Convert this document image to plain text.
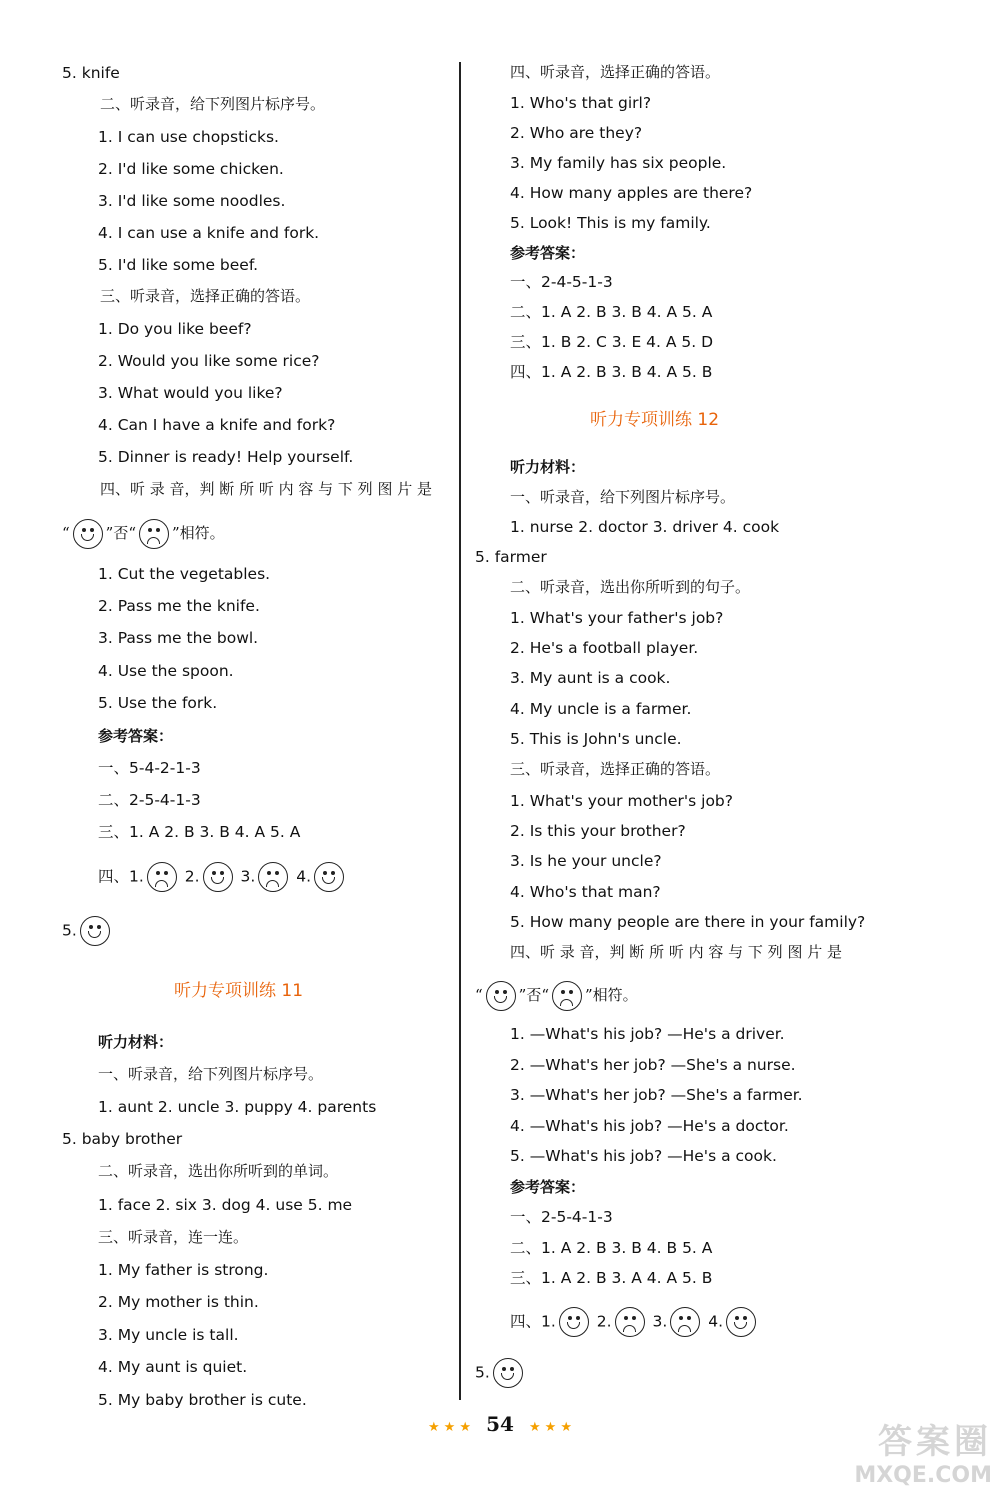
5. knife
二、听录音，给下列图片标序号。
1. I can use chopsticks.
2. I'd like some chicken.
3. I'd like some noodles.
4. I can use a knife and fork.
5. I'd like some beef.
三、听录音，选择正确的答语。
1. Do you like beef?
2. Would you like some rice?
3. What would you like?
4. Can I have a knife and fork?
5. Dinner is ready! Help yourself.
四、听 录 音，判 断 所 听 内 容 与 下 列 图 片 是
“ ”否“ ”相符。
1. Cut the vegetables.
2. Pass me the knife.
3. Pass me the bowl.
4. Use the spoon.
5. Use the fork.
参考答案：
一、5-4-2-1-3
二、2-5-4-1-3
三、1. A 2. B 3. B 4. A 5. A
四、1.	2.	3.	4.
5.
听力专项训练 11
听力材料：
一、听录音，给下列图片标序号。
1. aunt 2. uncle 3. puppy 4. parents
5. baby brother
二、听录音，选出你所听到的单词。
1. face 2. six 3. dog 4. use 5. me
三、听录音，连一连。
1. My father is strong.
2. My mother is thin.
3. My uncle is tall.
4. My aunt is quiet.
5. My baby brother is cute.
四、听录音，选择正确的答语。
1. Who's that girl?
2. Who are they?
3. My family has six people.
4. How many apples are there?
5. Look! This is my family.
参考答案：
一、2-4-5-1-3
二、1. A 2. B 3. B 4. A 5. A
三、1. B 2. C 3. E 4. A 5. D
四、1. A 2. B 3. B 4. A 5. B
听力专项训练 12
听力材料：
一、听录音，给下列图片标序号。
1. nurse 2. doctor 3. driver 4. cook
5. farmer
二、听录音，选出你所听到的句子。
1. What's your father's job?
2. He's a football player.
3. My aunt is a cook.
4. My uncle is a farmer.
5. This is John's uncle.
三、听录音，选择正确的答语。
1. What's your mother's job?
2. Is this your brother?
3. Is he your uncle?
4. Who's that man?
5. How many people are there in your family?
四、听 录 音，判 断 所 听 内 容 与 下 列 图 片 是
“ ”否“ ”相符。
1. —What's his job? —He's a driver.
2. —What's her job? —She's a nurse.
3. —What's her job? —She's a farmer.
4. —What's his job? —He's a doctor.
5. —What's his job? —He's a cook.
参考答案：
一、2-5-4-1-3
二、1. A 2. B 3. B 4. B 5. A
三、1. A 2. B 3. A 4. A 5. B
四、1.	2.	3.	4.
5.
★ ★ ★ 54 ★ ★ ★	答案圈
MXQE.COM
